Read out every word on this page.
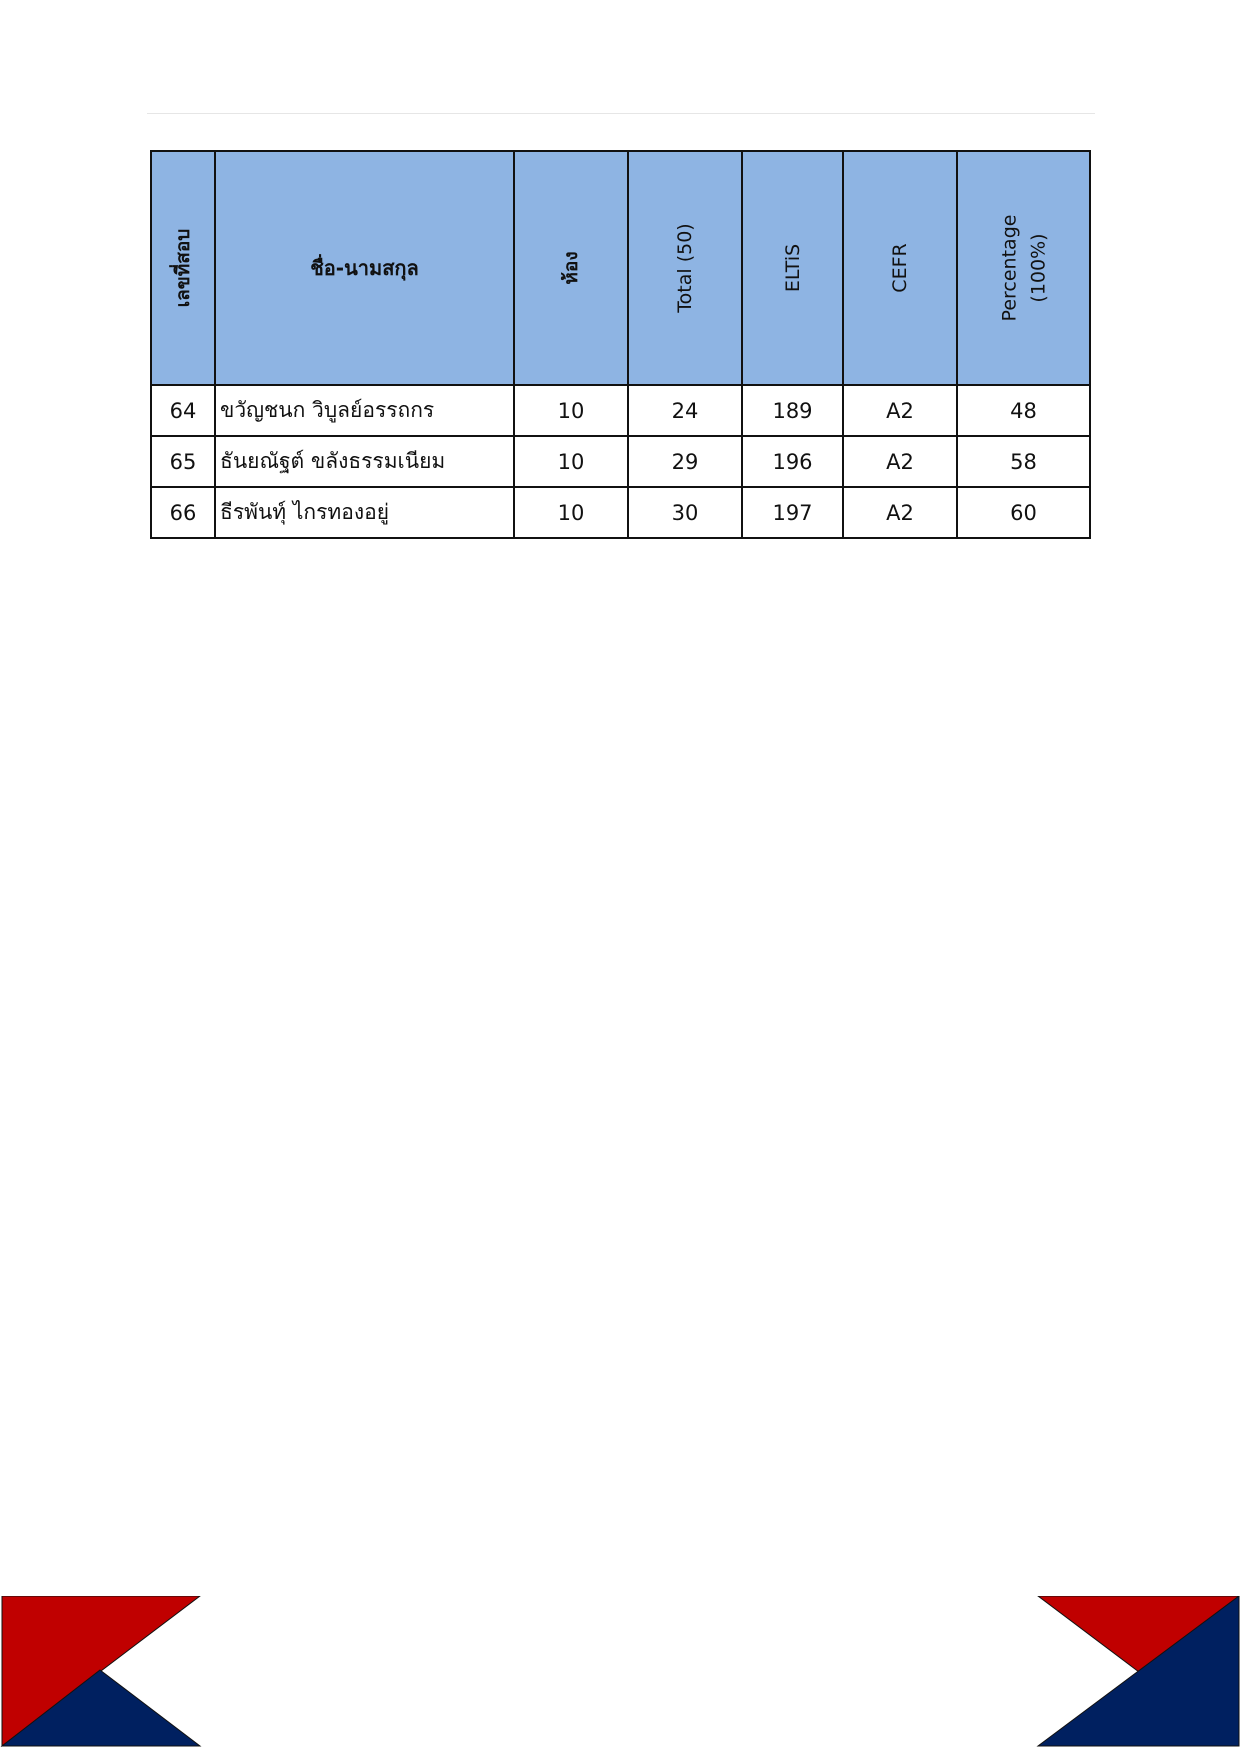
เลขที่สอบ	ชื่อ-นามสกุล	ห้อง	Total (50)	ELTiS	CEFR	Percentage (100%)

64	ขวัญชนก วิบูลย์อรรถกร	10	24	189	A2	48
65	ธันยณัฐต์ ขลังธรรมเนียม	10	29	196	A2	58
66	ธีรพันทุ์ ไกรทองอยู่	10	30	197	A2	60
